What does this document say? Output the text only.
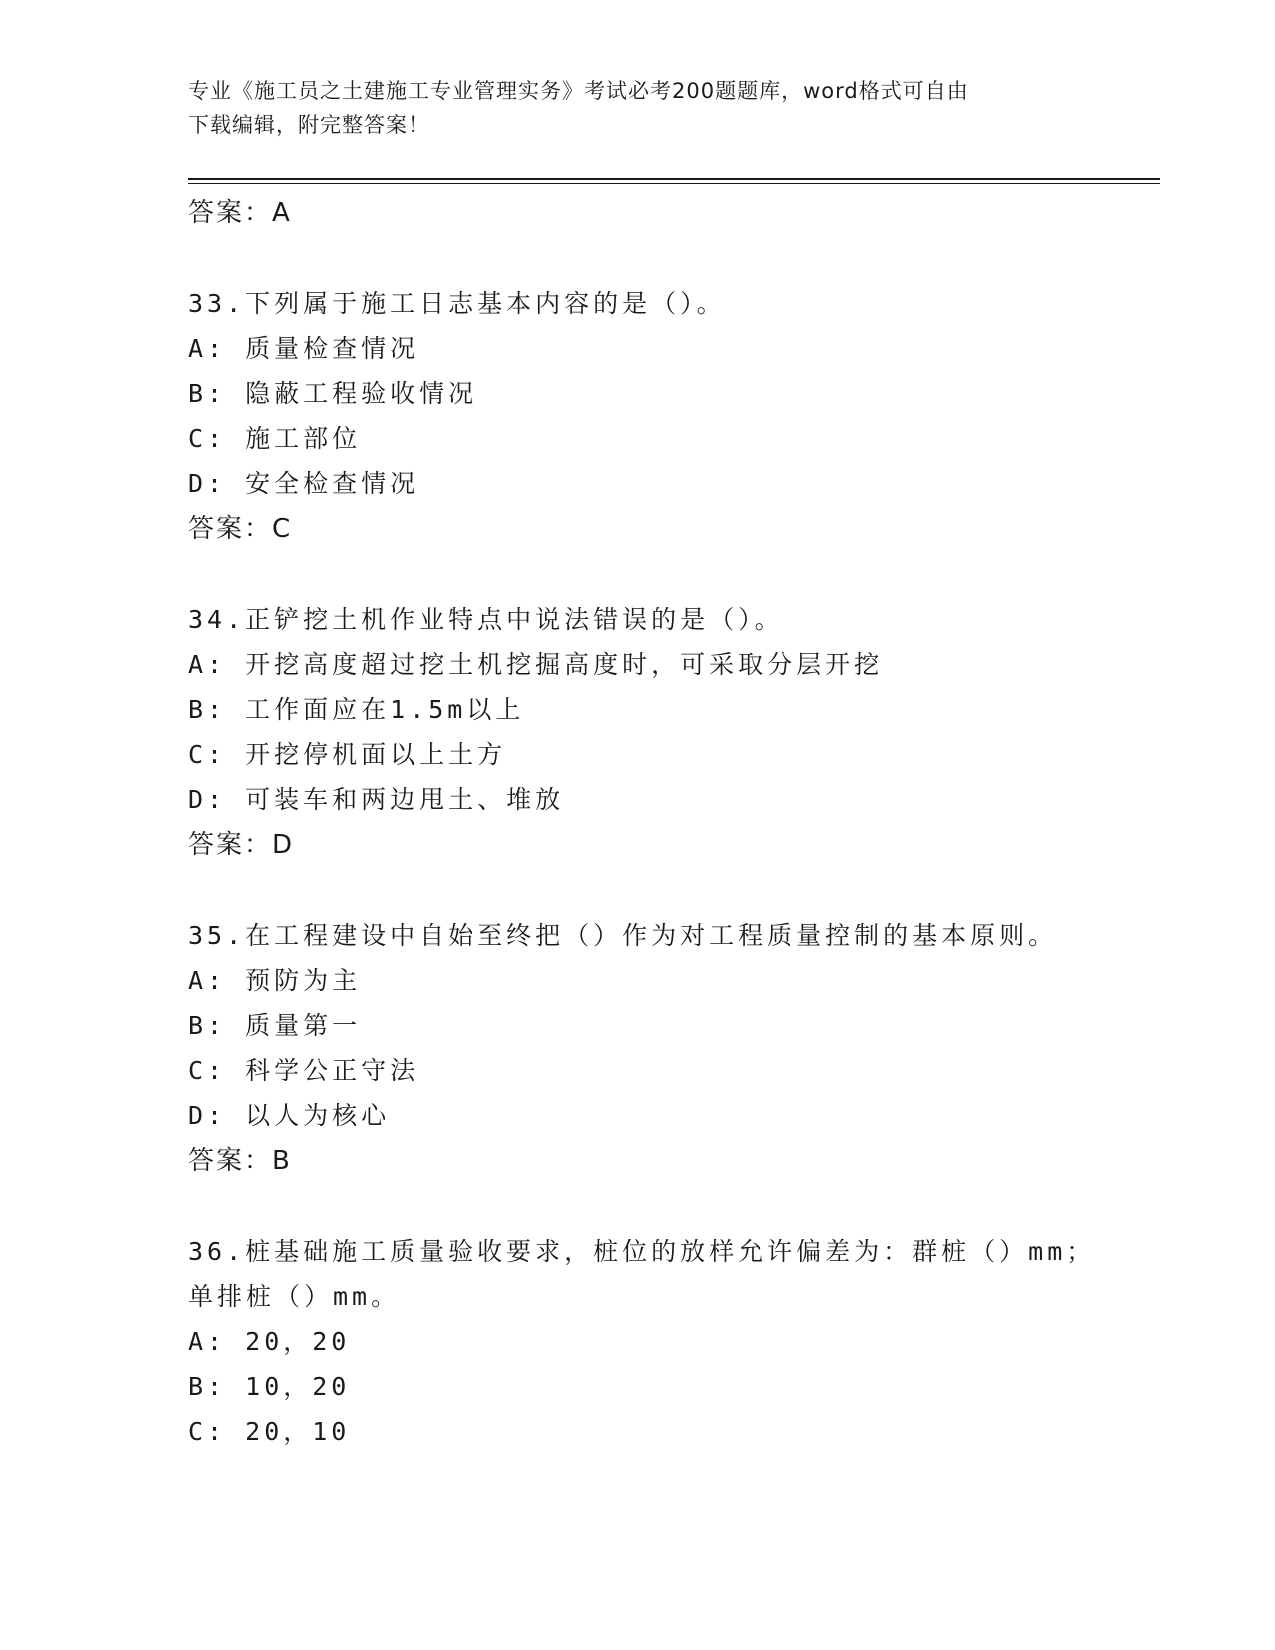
专业《施工员之土建施工专业管理实务》考试必考200题题库，word格式可自由
下载编辑，附完整答案！
答案：A
33.下列属于施工日志基本内容的是（）。
A: 质量检查情况
B: 隐蔽工程验收情况
C: 施工部位
D: 安全检查情况
答案：C
34.正铲挖土机作业特点中说法错误的是（）。
A: 开挖高度超过挖土机挖掘高度时，可采取分层开挖
B: 工作面应在1.5m以上
C: 开挖停机面以上土方
D: 可装车和两边甩土、堆放
答案：D
35.在工程建设中自始至终把（）作为对工程质量控制的基本原则。
A: 预防为主
B: 质量第一
C: 科学公正守法
D: 以人为核心
答案：B
36.桩基础施工质量验收要求，桩位的放样允许偏差为：群桩（）mm；
单排桩（）mm。
A: 20，20
B: 10，20
C: 20，10
